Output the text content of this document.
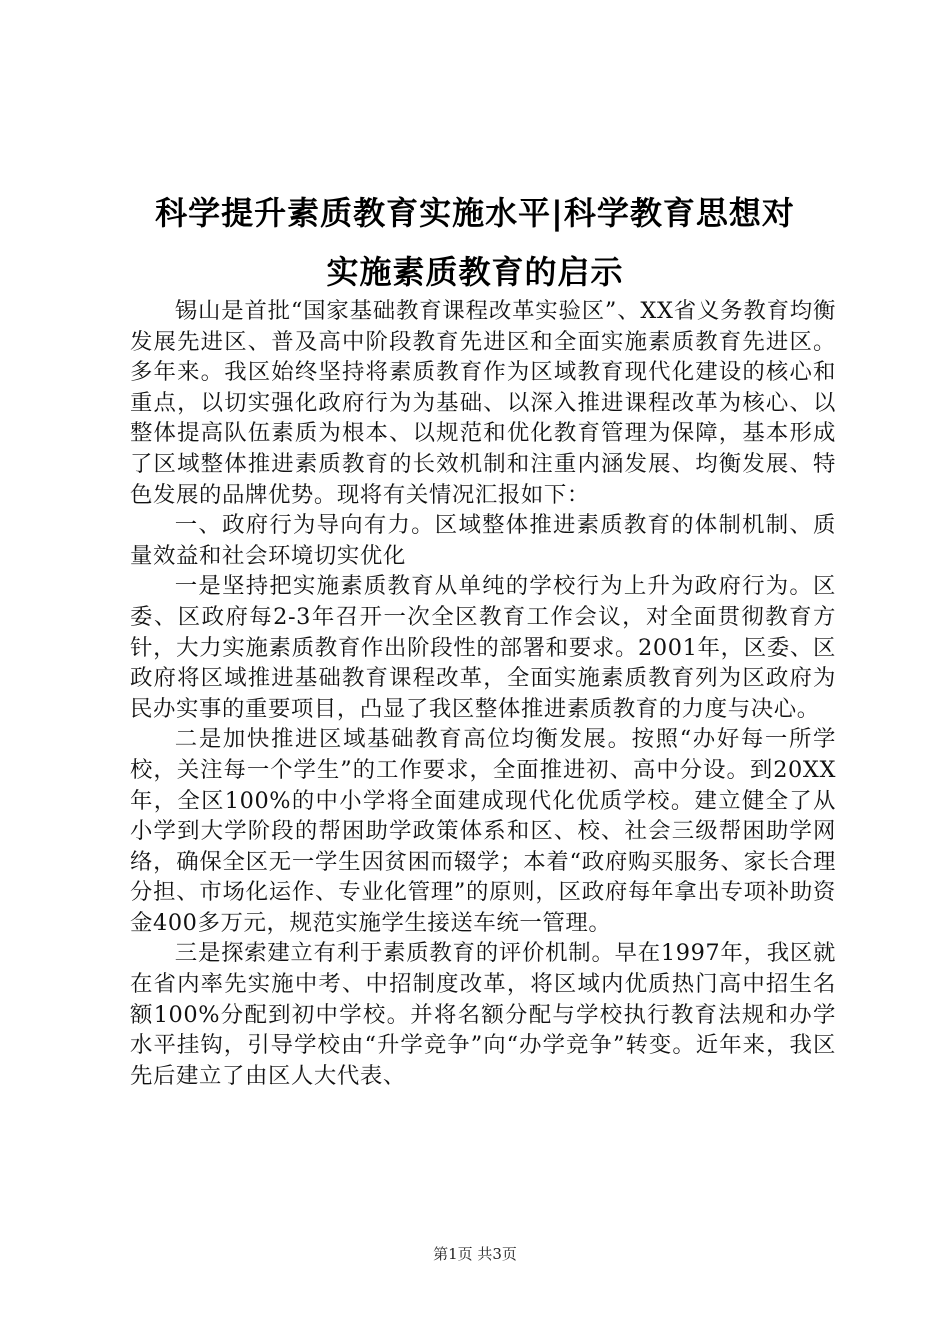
科学提升素质教育实施水平|科学教育思想对
实施素质教育的启示

锡山是首批“国家基础教育课程改革实验区”、XX省义务教育均衡发展先进区、普及高中阶段教育先进区和全面实施素质教育先进区。多年来。我区始终坚持将素质教育作为区域教育现代化建设的核心和重点，以切实强化政府行为为基础、以深入推进课程改革为核心、以整体提高队伍素质为根本、以规范和优化教育管理为保障，基本形成了区域整体推进素质教育的长效机制和注重内涵发展、均衡发展、特色发展的品牌优势。现将有关情况汇报如下：

一、政府行为导向有力。区域整体推进素质教育的体制机制、质量效益和社会环境切实优化

一是坚持把实施素质教育从单纯的学校行为上升为政府行为。区委、区政府每2-3年召开一次全区教育工作会议，对全面贯彻教育方针，大力实施素质教育作出阶段性的部署和要求。2001年，区委、区政府将区域推进基础教育课程改革，全面实施素质教育列为区政府为民办实事的重要项目，凸显了我区整体推进素质教育的力度与决心。

二是加快推进区域基础教育高位均衡发展。按照“办好每一所学校，关注每一个学生”的工作要求，全面推进初、高中分设。到20XX年，全区100%的中小学将全面建成现代化优质学校。建立健全了从小学到大学阶段的帮困助学政策体系和区、校、社会三级帮困助学网络，确保全区无一学生因贫困而辍学；本着“政府购买服务、家长合理分担、市场化运作、专业化管理”的原则，区政府每年拿出专项补助资金400多万元，规范实施学生接送车统一管理。

三是探索建立有利于素质教育的评价机制。早在1997年，我区就在省内率先实施中考、中招制度改革，将区域内优质热门高中招生名额100%分配到初中学校。并将名额分配与学校执行教育法规和办学水平挂钩，引导学校由“升学竞争”向“办学竞争”转变。近年来，我区先后建立了由区人大代表、

第1页 共3页
